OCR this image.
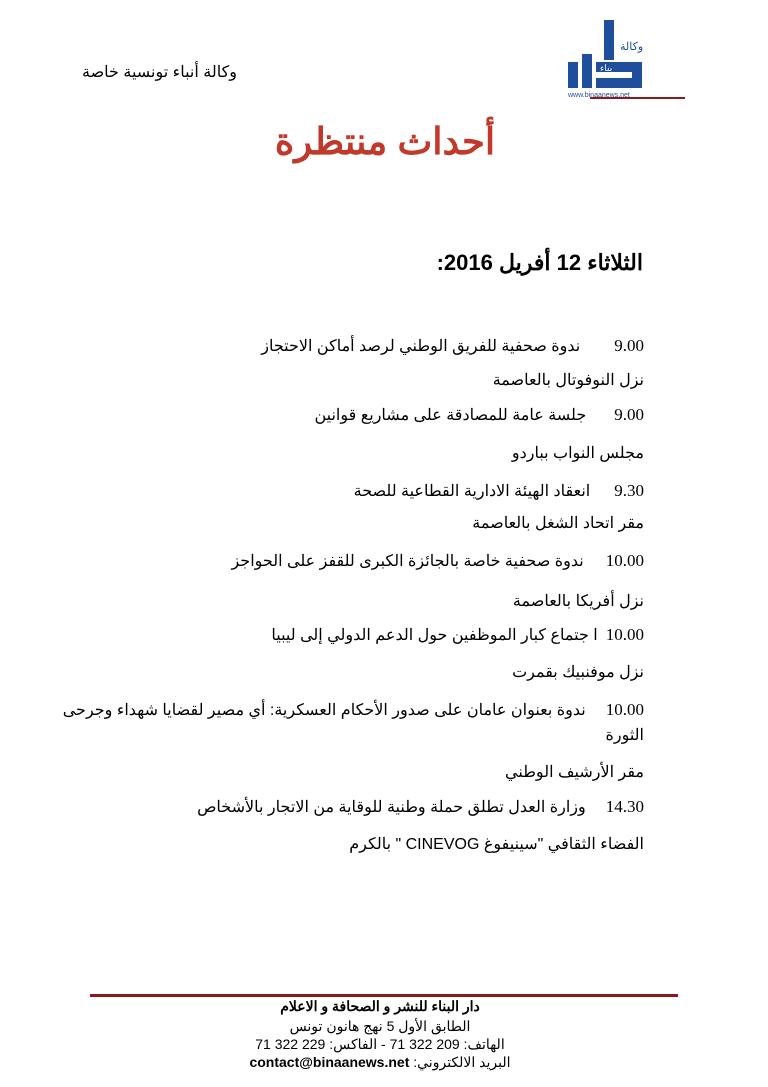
وكالة أنباء تونسية خاصة
وكالة
بناء
www.binaanews.net
أحداث منتظرة
الثلاثاء 12 أفريل 2016:
9.00ندوة صحفية للفريق الوطني لرصد أماكن الاحتجاز
نزل النوفوتال بالعاصمة
9.00جلسة عامة للمصادقة على مشاريع قوانين
مجلس النواب بباردو
9.30انعقاد الهيئة الادارية القطاعية للصحة
مقر اتحاد الشغل بالعاصمة
10.00ندوة صحفية خاصة بالجائزة الكبرى للقفز على الحواجز
نزل أفريكا بالعاصمة
10.00ا جتماع كبار الموظفين حول الدعم الدولي إلى ليبيا
نزل موفنبيك بقمرت
10.00ندوة بعنوان عامان على صدور الأحكام العسكرية: أي مصير لقضايا شهداء وجرحى
الثورة
مقر الأرشيف الوطني
14.30وزارة العدل تطلق حملة وطنية للوقاية من الاتجار بالأشخاص
الفضاء الثقافي "سينيفوغ CINEVOG " بالكرم
دار البناء للنشر و الصحافة و الاعلام
الطابق الأول 5 نهج هانون تونس
الهاتف: 209 322 71 - الفاكس: 229 322 71
البريد الالكتروني: contact@binaanews.net
